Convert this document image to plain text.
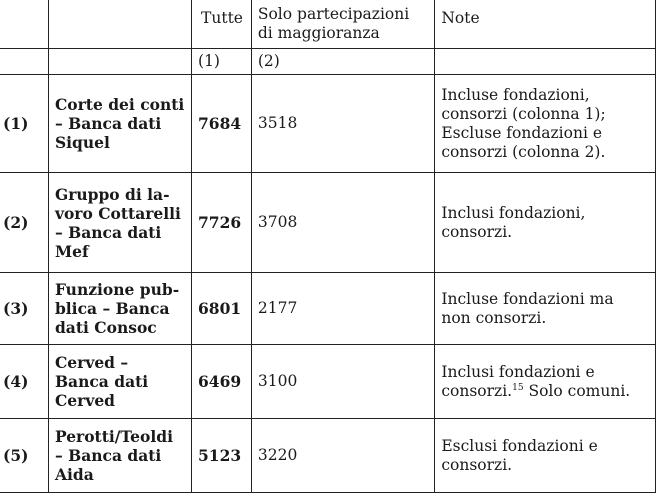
		Tutte	Solo partecipazioni di maggioranza	Note
		(1)	(2)	
(1)	Corte dei conti – Banca dati Siquel	7684	3518	Incluse fondazioni,
consorzi (colonna 1);
Escluse fondazioni e
consorzi (colonna 2).
(2)	Gruppo di la-voro Cottarelli – Banca dati Mef	7726	3708	Inclusi fondazioni,
consorzi.
(3)	Funzione pub-blica – Banca dati Consoc	6801	2177	Incluse fondazioni ma
non consorzi.
(4)	Cerved – Banca dati Cerved	6469	3100	Inclusi fondazioni e
consorzi.$^{15}$ Solo comuni.
(5)	Perotti/Teoldi – Banca dati Aida	5123	3220	Esclusi fondazioni e
consorzi.
